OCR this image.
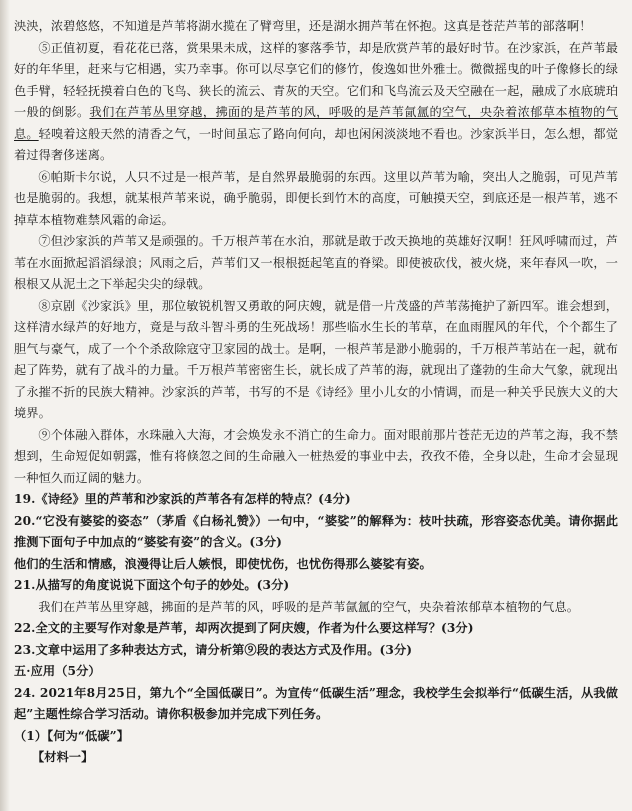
泱泱，浓碧悠悠，不知道是芦苇将湖水揽在了臂弯里，还是湖水拥芦苇在怀抱。这真是苍茫芦苇的部落啊！

⑤正值初夏，看花花已落，赏果果未成，这样的寥落季节，却是欣赏芦苇的最好时节。在沙家浜，在芦苇最好的年华里，赶来与它相遇，实乃幸事。你可以尽享它们的修竹，俊逸如世外雅士。微微摇曳的叶子像修长的绿色手臂，轻轻抚摸着白色的飞鸟、狭长的流云、青灰的天空。它们和飞鸟流云及天空融在一起，融成了水底琥珀一般的倒影。我们在芦苇丛里穿越，拂面的是芦苇的风，呼吸的是芦苇氤氲的空气，央杂着浓郁草本植物的气息。轻嗅着这般天然的清香之气，一时间虽忘了路向何向，却也闲闲淡淡地不看也。沙家浜半日，怎么想，都觉着过得奢侈迷离。

⑥帕斯卡尔说，人只不过是一根芦苇，是自然界最脆弱的东西。这里以芦苇为喻，突出人之脆弱，可见芦苇也是脆弱的。我想，就某根芦苇来说，确乎脆弱，即便长到竹木的高度，可触摸天空，到底还是一根芦苇，逃不掉草本植物难禁风霜的命运。

⑦但沙家浜的芦苇又是顽强的。千万根芦苇在水泊，那就是敢于改天换地的英雄好汉啊！狂风呼啸而过，芦苇在水面掀起滔滔绿浪；风雨之后，芦苇们又一根根挺起笔直的脊梁。即使被砍伐，被火烧，来年春风一吹，一根根又从泥土之下举起尖尖的绿戟。

⑧京剧《沙家浜》里，那位敏锐机智又勇敢的阿庆嫂，就是借一片茂盛的芦苇荡掩护了新四军。谁会想到，这样清水绿芦的好地方，竟是与敌斗智斗勇的生死战场！那些临水生长的苇草，在血雨腥风的年代，个个都生了胆气与豪气，成了一个个杀敌除寇守卫家园的战士。是啊，一根芦苇是渺小脆弱的，千万根芦苇站在一起，就布起了阵势，就有了战斗的力量。千万根芦苇密密生长，就长成了芦苇的海，就现出了蓬勃的生命大气象，就现出了永摧不折的民族大精神。沙家浜的芦苇，书写的不是《诗经》里小儿女的小情调，而是一种关乎民族大义的大境界。

⑨个体融入群体，水珠融入大海，才会焕发永不消亡的生命力。面对眼前那片苍茫无边的芦苇之海，我不禁想到，生命短促如朝露，惟有将倏忽之间的生命融入一桩热爱的事业中去，孜孜不倦，全身以赴，生命才会显现一种恒久而辽阔的魅力。

19.《诗经》里的芦苇和沙家浜的芦苇各有怎样的特点？(4分)

20.“它没有婆娑的姿态”（茅盾《白杨礼赞》）一句中，“婆娑”的解释为：枝叶扶疏，形容姿态优美。请你据此推测下面句子中加点的“婆娑有姿”的含义。(3分)

他们的生活和情感，浪漫得让后人嫉恨，即使忧伤，也忧伤得那么婆娑有姿。

21.从描写的角度说说下面这个句子的妙处。(3分)

我们在芦苇丛里穿越，拂面的是芦苇的风，呼吸的是芦苇氤氲的空气，央杂着浓郁草本植物的气息。

22.全文的主要写作对象是芦苇，却两次提到了阿庆嫂，作者为什么要这样写？(3分)

23.文章中运用了多种表达方式，请分析第⑨段的表达方式及作用。(3分)

五·应用（5分）

24. 2021年8月25日，第九个“全国低碳日”。为宣传“低碳生活”理念，我校学生会拟举行“低碳生活，从我做起”主题性综合学习活动。请你积极参加并完成下列任务。

（1）【何为“低碳”】

【材料一】
